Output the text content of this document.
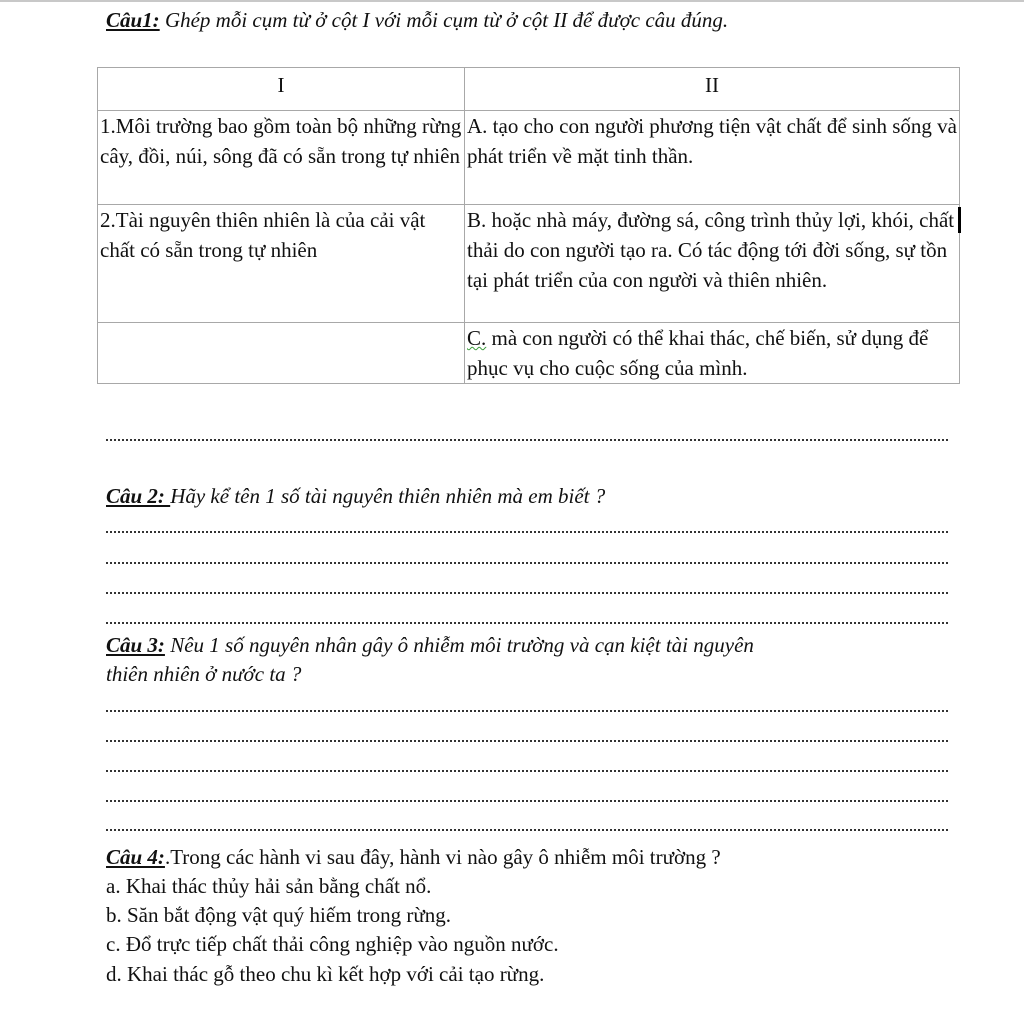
Câu1: Ghép mỗi cụm từ ở cột I với mỗi cụm từ ở cột II để được câu đúng.
I	II
1.Môi trường bao gồm toàn bộ những rừng cây, đồi, núi, sông đã có sẵn trong tự nhiên	A. tạo cho con người phương tiện vật chất để sinh sống và phát triển về mặt tinh thần.
2.Tài nguyên thiên nhiên là của cải vật chất có sẵn trong tự nhiên	B. hoặc nhà máy, đường sá, công trình thủy lợi, khói, chất thải do con người tạo ra. Có tác động tới đời sống, sự tồn tại phát triển của con người và thiên nhiên.
	C. mà con người có thể khai thác, chế biến, sử dụng để phục vụ cho cuộc sống của mình.
Câu 2: Hãy kể tên 1 số tài nguyên thiên nhiên mà em biết ?
Câu 3: Nêu 1 số nguyên nhân gây ô nhiễm môi trường và cạn kiệt tài nguyên
thiên nhiên ở nước ta ?
Câu 4:.Trong các hành vi sau đây, hành vi nào gây ô nhiễm môi trường ?
a. Khai thác thủy hải sản bằng chất nổ.
b. Săn bắt động vật quý hiếm trong rừng.
c. Đổ trực tiếp chất thải công nghiệp vào nguồn nước.
d. Khai thác gỗ theo chu kì kết hợp với cải tạo rừng.
